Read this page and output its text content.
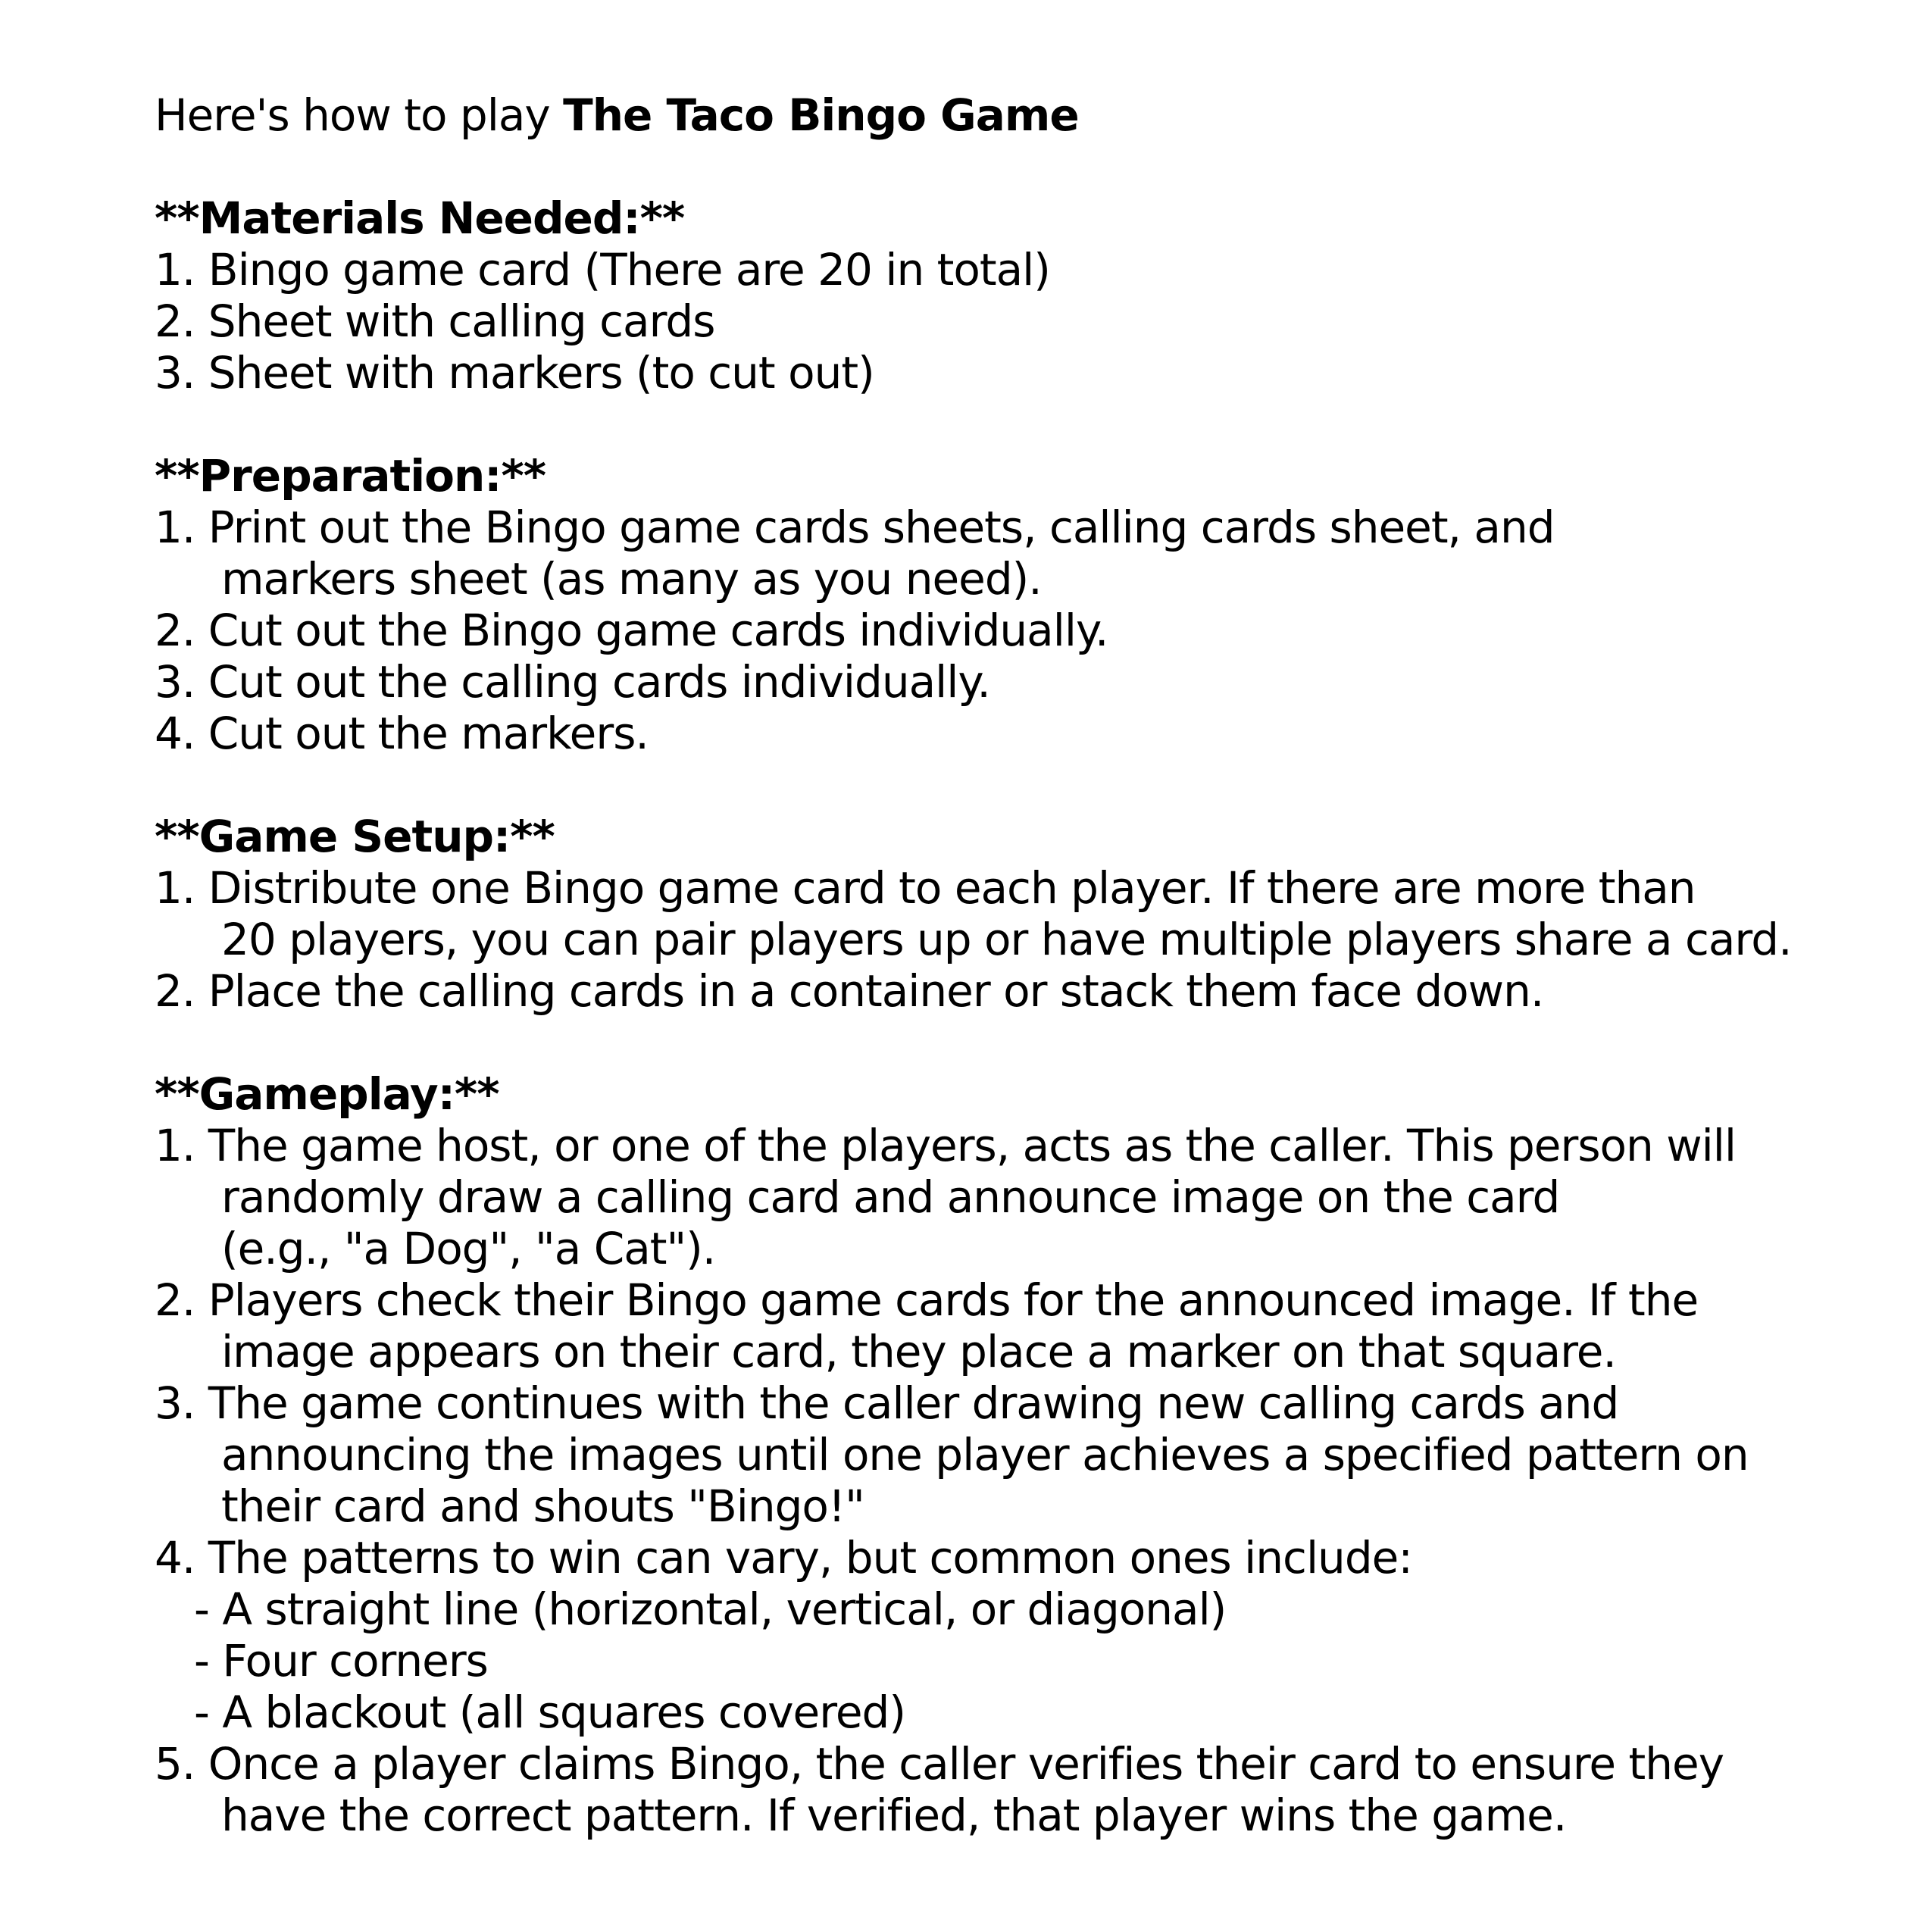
Here's how to play The Taco Bingo Game
**Materials Needed:**
1. Bingo game card (There are 20 in total)
2. Sheet with calling cards
3. Sheet with markers (to cut out)
**Preparation:**
1. Print out the Bingo game cards sheets, calling cards sheet, and
markers sheet (as many as you need).
2. Cut out the Bingo game cards individually.
3. Cut out the calling cards individually.
4. Cut out the markers.
**Game Setup:**
1. Distribute one Bingo game card to each player. If there are more than
20 players, you can pair players up or have multiple players share a card.
2. Place the calling cards in a container or stack them face down.
**Gameplay:**
1. The game host, or one of the players, acts as the caller. This person will
randomly draw a calling card and announce image on the card
(e.g., "a Dog", "a Cat").
2. Players check their Bingo game cards for the announced image. If the
image appears on their card, they place a marker on that square.
3. The game continues with the caller drawing new calling cards and
announcing the images until one player achieves a specified pattern on
their card and shouts "Bingo!"
4. The patterns to win can vary, but common ones include:
- A straight line (horizontal, vertical, or diagonal)
- Four corners
- A blackout (all squares covered)
5. Once a player claims Bingo, the caller verifies their card to ensure they
have the correct pattern. If verified, that player wins the game.
